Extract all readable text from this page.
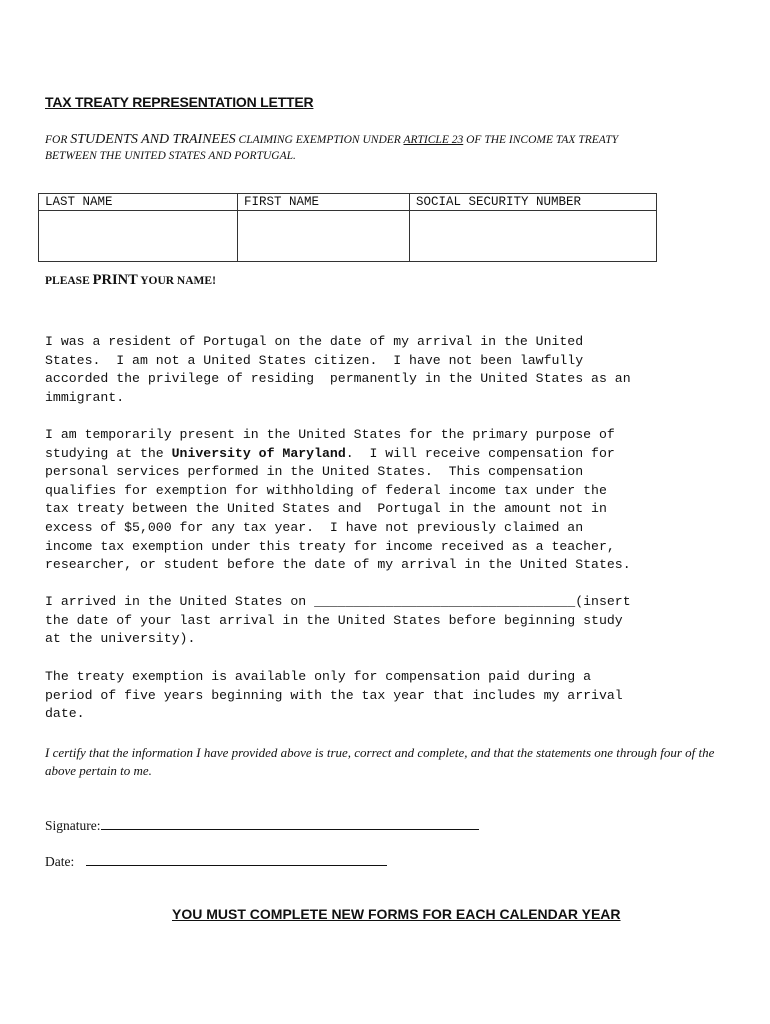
TAX TREATY REPRESENTATION LETTER
FOR STUDENTS AND TRAINEES CLAIMING EXEMPTION UNDER ARTICLE 23 OF THE INCOME TAX TREATY
BETWEEN THE UNITED STATES AND PORTUGAL.
LAST NAME	FIRST NAME	SOCIAL SECURITY NUMBER

PLEASE PRINT YOUR NAME!
I was a resident of Portugal on the date of my arrival in the United
States.  I am not a United States citizen.  I have not been lawfully
accorded the privilege of residing  permanently in the United States as an
immigrant.
I am temporarily present in the United States for the primary purpose of
studying at the University of Maryland.  I will receive compensation for
personal services performed in the United States.  This compensation
qualifies for exemption for withholding of federal income tax under the
tax treaty between the United States and  Portugal in the amount not in
excess of $5,000 for any tax year.  I have not previously claimed an
income tax exemption under this treaty for income received as a teacher,
researcher, or student before the date of my arrival in the United States.
I arrived in the United States on _________________________________(insert
the date of your last arrival in the United States before beginning study
at the university).
The treaty exemption is available only for compensation paid during a
period of five years beginning with the tax year that includes my arrival
date.
I certify that the information I have provided above is true, correct and complete, and that the statements one through four of the above pertain to me.
Signature:
Date:
YOU MUST COMPLETE NEW FORMS FOR EACH CALENDAR YEAR
